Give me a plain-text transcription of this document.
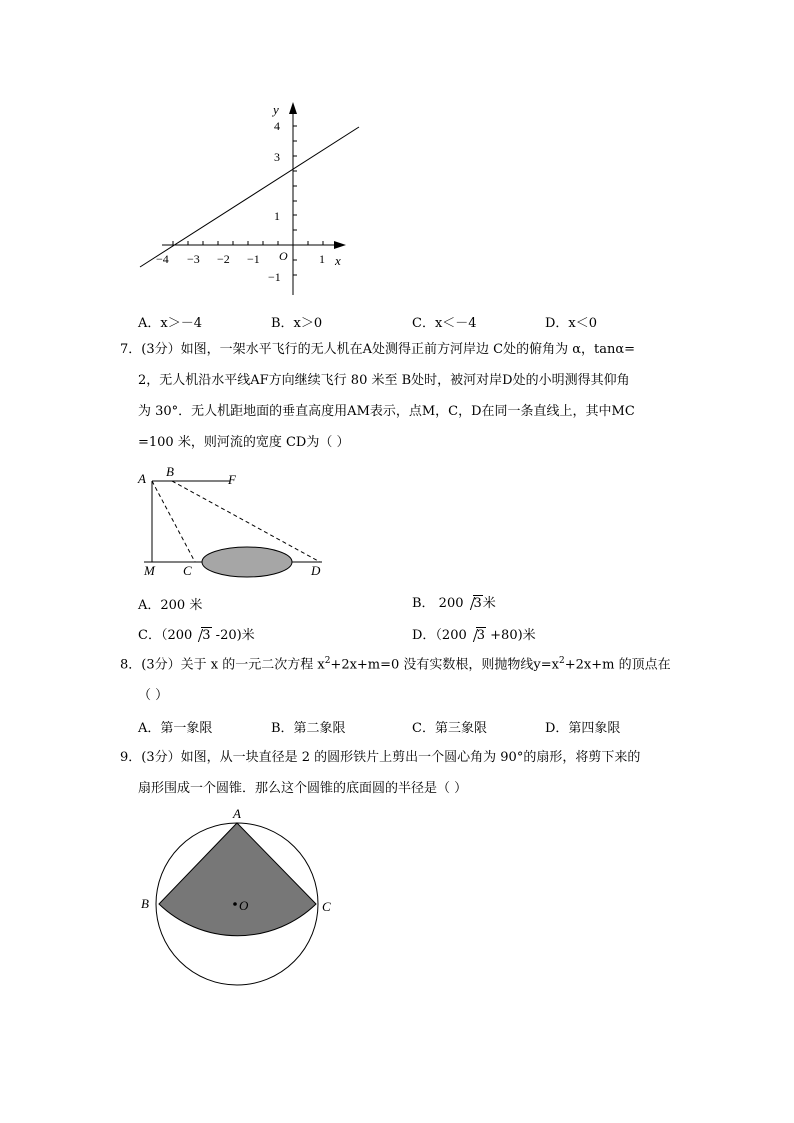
y
x
O
−4 −3 −2 −1	1
4
3
1
−1
A．x＞－4	B．x＞0	C．x＜－4	D．x＜0
7．(3分）如图，一架水平飞行的无人机在A处测得正前方河岸边 C处的俯角为 α，tanα=
2，无人机沿水平线AF方向继续飞行 80 米至 B处时，被河对岸D处的小明测得其仰角
为 30°．无人机距地面的垂直高度用AM表示，点M，C，D在同一条直线上，其中MC
=100 米，则河流的宽度 CD为（ ）
A B
F
M C	D
A．200 米	B． 200 3米
C．（200 3 -20)米	D．（200 3 +80)米
8．(3分）关于 x 的一元二次方程 $x^2+2x+m=0$ 没有实数根，则抛物线$y=x^2+2x+m$ 的顶点在
（ ）
A．第一象限	B．第二象限	C．第三象限	D．第四象限
9．(3分）如图，从一块直径是 2 的圆形铁片上剪出一个圆心角为 90°的扇形，将剪下来的
扇形围成一个圆锥．那么这个圆锥的底面圆的半径是（ ）
A
B	C
O
